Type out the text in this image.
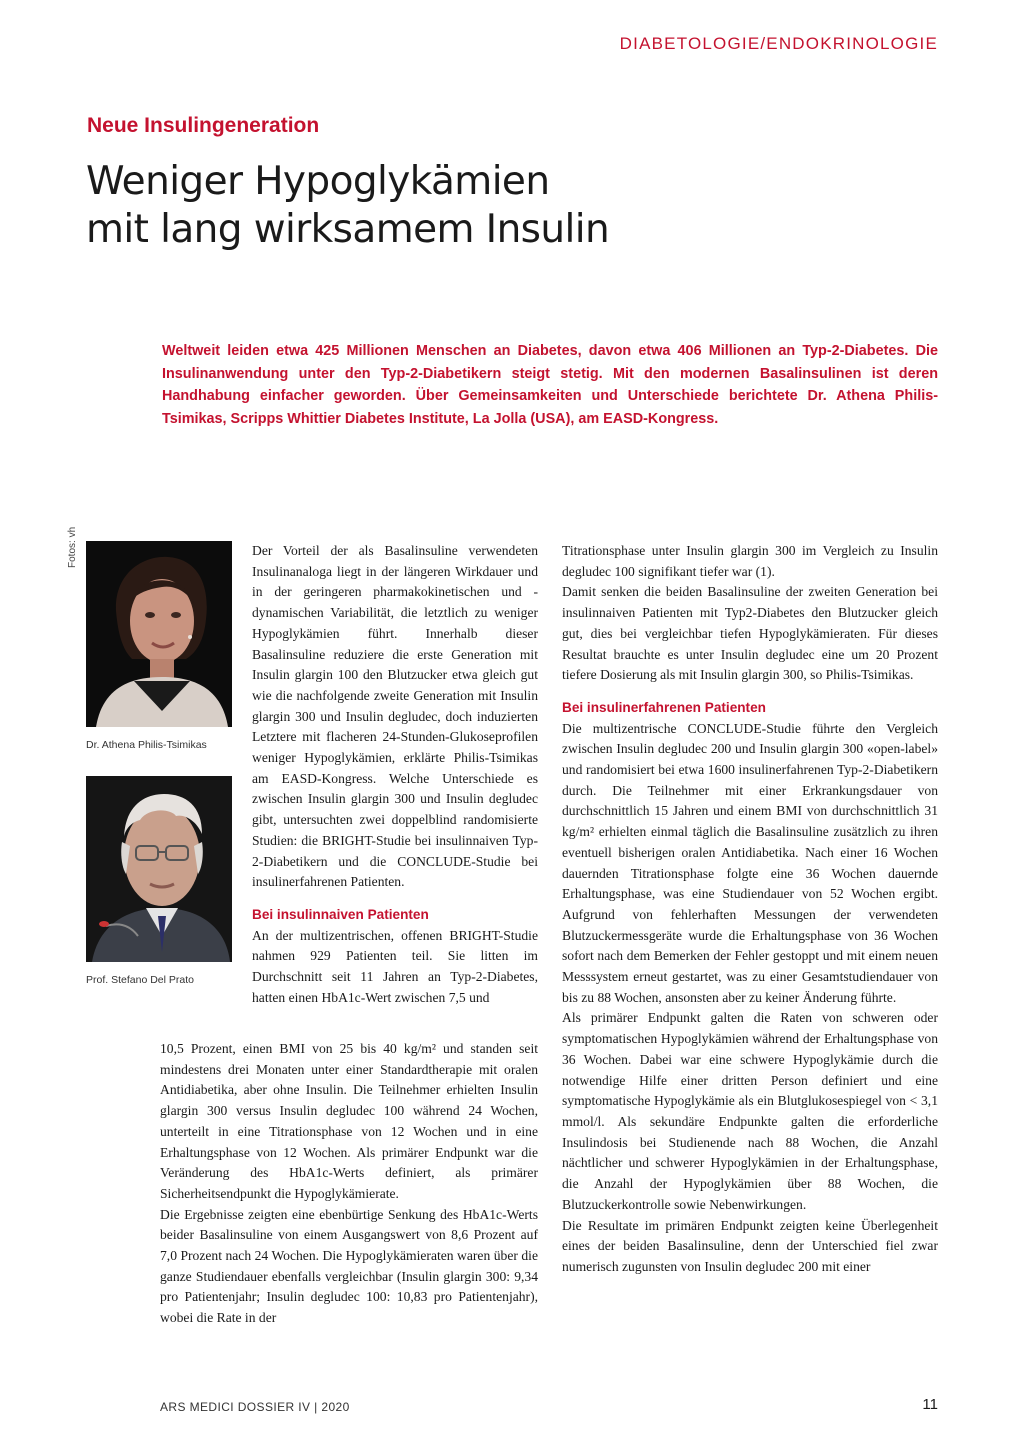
DIABETOLOGIE/ENDOKRINOLOGIE
Neue Insulingeneration
Weniger Hypoglykämien
mit lang wirksamem Insulin

Weltweit leiden etwa 425 Millionen Menschen an Diabetes, davon etwa 406 Millionen an Typ-2-Diabetes. Die Insulinanwendung unter den Typ-2-Diabetikern steigt stetig. Mit den modernen Basalinsulinen ist deren Handhabung einfacher geworden. Über Gemeinsamkeiten und Unterschiede berichtete Dr. Athena Philis-Tsimikas, Scripps Whittier Diabetes Institute, La Jolla (USA), am EASD-Kongress.

Fotos: vh
Dr. Athena Philis-Tsimikas
Prof. Stefano Del Prato

Der Vorteil der als Basalinsuline verwendeten Insulinanaloga liegt in der längeren Wirkdauer und in der geringeren pharmakokinetischen und -dynamischen Variabilität, die letztlich zu weniger Hypoglykämien führt. Innerhalb dieser Basalinsuline reduziere die erste Generation mit Insulin glargin 100 den Blutzucker etwa gleich gut wie die nachfolgende zweite Generation mit Insulin glargin 300 und Insulin degludec, doch induzierten Letztere mit flacheren 24-Stunden-Glukoseprofilen weniger Hypoglykämien, erklärte Philis-Tsimikas am EASD-Kongress. Welche Unterschiede es zwischen Insulin glargin 300 und Insulin degludec gibt, untersuchten zwei doppelblind randomisierte Studien: die BRIGHT-Studie bei insulinnaiven Typ-2-Diabetikern und die CONCLUDE-Studie bei insulinerfahrenen Patienten.

Bei insulinnaiven Patienten

An der multizentrischen, offenen BRIGHT-Studie nahmen 929 Patienten teil. Sie litten im Durchschnitt seit 11 Jahren an Typ-2-Diabetes, hatten einen HbA1c-Wert zwischen 7,5 und

10,5 Prozent, einen BMI von 25 bis 40 kg/m² und standen seit mindestens drei Monaten unter einer Standardtherapie mit oralen Antidiabetika, aber ohne Insulin. Die Teilnehmer erhielten Insulin glargin 300 versus Insulin degludec 100 während 24 Wochen, unterteilt in eine Titrationsphase von 12 Wochen und in eine Erhaltungsphase von 12 Wochen. Als primärer Endpunkt war die Veränderung des HbA1c-Werts definiert, als primärer Sicherheitsendpunkt die Hypoglykämierate.

Die Ergebnisse zeigten eine ebenbürtige Senkung des HbA1c-Werts beider Basalinsuline von einem Ausgangswert von 8,6 Prozent auf 7,0 Prozent nach 24 Wochen. Die Hypoglykämieraten waren über die ganze Studiendauer ebenfalls vergleichbar (Insulin glargin 300: 9,34 pro Patientenjahr; Insulin degludec 100: 10,83 pro Patientenjahr), wobei die Rate in der

Titrationsphase unter Insulin glargin 300 im Vergleich zu Insulin degludec 100 signifikant tiefer war (1).

Damit senken die beiden Basalinsuline der zweiten Generation bei insulinnaiven Patienten mit Typ2-Diabetes den Blutzucker gleich gut, dies bei vergleichbar tiefen Hypoglykämieraten. Für dieses Resultat brauchte es unter Insulin degludec eine um 20 Prozent tiefere Dosierung als mit Insulin glargin 300, so Philis-Tsimikas.

Bei insulinerfahrenen Patienten

Die multizentrische CONCLUDE-Studie führte den Vergleich zwischen Insulin degludec 200 und Insulin glargin 300 «open-label» und randomisiert bei etwa 1600 insulinerfahrenen Typ-2-Diabetikern durch. Die Teilnehmer mit einer Erkrankungsdauer von durchschnittlich 15 Jahren und einem BMI von durchschnittlich 31 kg/m² erhielten einmal täglich die Basalinsuline zusätzlich zu ihren eventuell bisherigen oralen Antidiabetika. Nach einer 16 Wochen dauernden Titrationsphase folgte eine 36 Wochen dauernde Erhaltungsphase, was eine Studiendauer von 52 Wochen ergibt. Aufgrund von fehlerhaften Messungen der verwendeten Blutzuckermessgeräte wurde die Erhaltungsphase von 36 Wochen sofort nach dem Bemerken der Fehler gestoppt und mit einem neuen Messsystem erneut gestartet, was zu einer Gesamtstudiendauer von bis zu 88 Wochen, ansonsten aber zu keiner Änderung führte.

Als primärer Endpunkt galten die Raten von schweren oder symptomatischen Hypoglykämien während der Erhaltungsphase von 36 Wochen. Dabei war eine schwere Hypoglykämie durch die notwendige Hilfe einer dritten Person definiert und eine symptomatische Hypoglykämie als ein Blutglukosespiegel von < 3,1 mmol/l. Als sekundäre Endpunkte galten die erforderliche Insulindosis bei Studienende nach 88 Wochen, die Anzahl nächtlicher und schwerer Hypoglykämien in der Erhaltungsphase, die Anzahl der Hypoglykämien über 88 Wochen, die Blutzuckerkontrolle sowie Nebenwirkungen.

Die Resultate im primären Endpunkt zeigten keine Überlegenheit eines der beiden Basalinsuline, denn der Unterschied fiel zwar numerisch zugunsten von Insulin degludec 200 mit einer

ARS MEDICI DOSSIER IV | 2020	11
